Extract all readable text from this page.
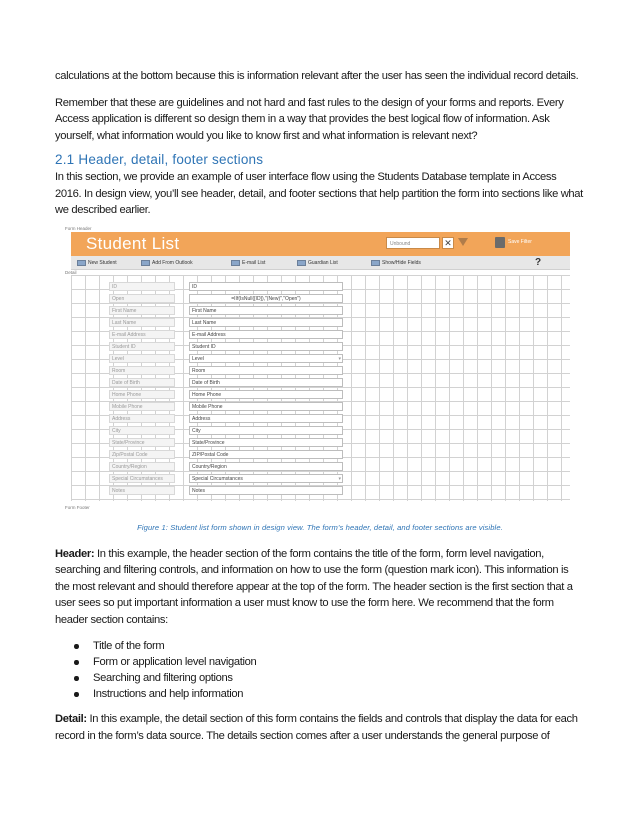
calculations at the bottom because this is information relevant after the user has seen the individual record details.

Remember that these are guidelines and not hard and fast rules to the design of your forms and reports. Every Access application is different so design them in a way that provides the best logical flow of information. Ask yourself, what information would you like to know first and what information is relevant next?

2.1 Header, detail, footer sections

In this section, we provide an example of user interface flow using the Students Database template in Access 2016. In design view, you’ll see header, detail, and footer sections that help partition the form into sections like what we described earlier.

Form Header
Student List	Unbound	✕	Save Filter
New Student	Add From Outlook	E-mail List	Guardian List	Show/Hide Fields	?
Detail
ID	ID
Open	=IIf(IsNull([ID]),"(New)","Open")
First Name	First Name
Last Name	Last Name
E-mail Address	E-mail Address
Student ID	Student ID
Level	Level	▾
Room	Room
Date of Birth	Date of Birth
Home Phone	Home Phone
Mobile Phone	Mobile Phone
Address	Address
City	City
State/Province	State/Province
Zip/Postal Code	ZIP/Postal Code
Country/Region	Country/Region
Special Circumstances	Special Circumstances	▾
Notes	Notes
Form Footer
Figure 1: Student list form shown in design view. The form’s header, detail, and footer sections are visible.

Header: In this example, the header section of the form contains the title of the form, form level navigation, searching and filtering controls, and information on how to use the form (question mark icon). This information is the most relevant and should therefore appear at the top of the form. The header section is the first section that a user sees so put important information a user must know to use the form here. We recommend that the form header section contains:

Title of the form
Form or application level navigation
Searching and filtering options
Instructions and help information

Detail: In this example, the detail section of this form contains the fields and controls that display the data for each record in the form’s data source. The details section comes after a user understands the general purpose of
